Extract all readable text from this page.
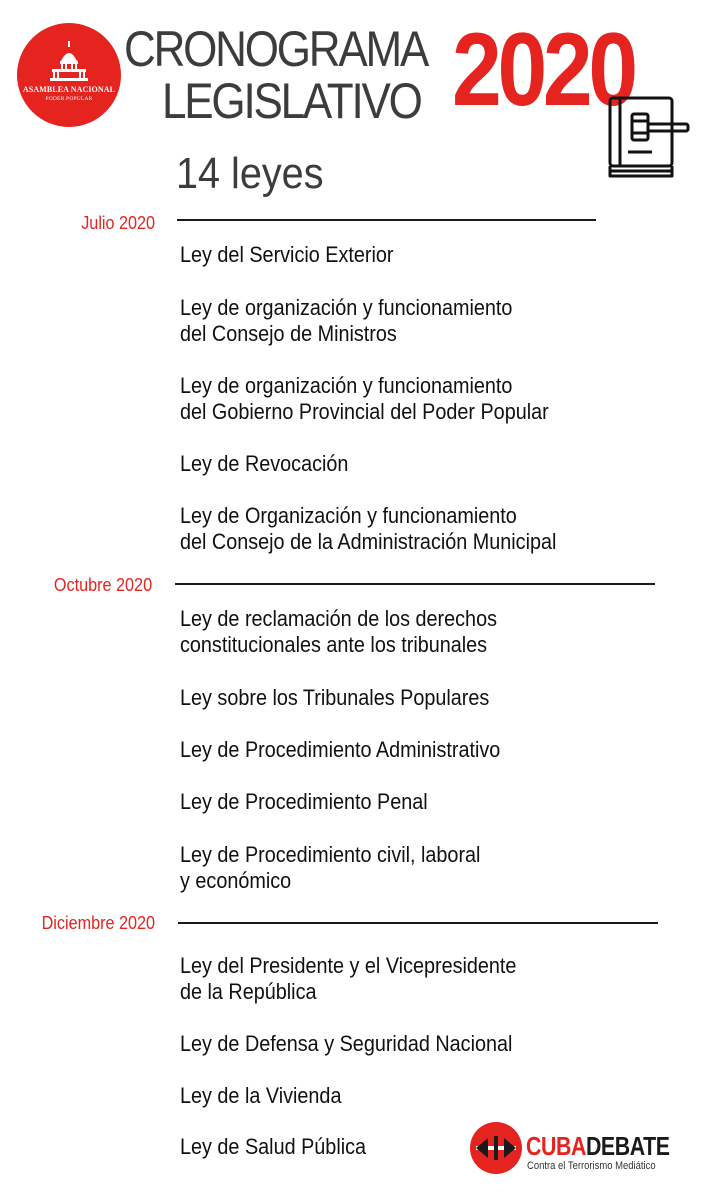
ASAMBLEA NACIONAL
PODER POPULAR
CRONOGRAMA
LEGISLATIVO 2020
14 leyes
Julio 2020
Ley del Servicio Exterior
Ley de organización y funcionamiento
del Consejo de Ministros
Ley de organización y funcionamiento
del Gobierno Provincial del Poder Popular
Ley de Revocación
Ley de Organización y funcionamiento
del Consejo de la Administración Municipal
Octubre 2020
Ley de reclamación de los derechos
constitucionales ante los tribunales
Ley sobre los Tribunales Populares
Ley de Procedimiento Administrativo
Ley de Procedimiento Penal
Ley de Procedimiento civil, laboral
y económico
Diciembre 2020
Ley del Presidente y el Vicepresidente
de la República
Ley de Defensa y Seguridad Nacional
Ley de la Vivienda
Ley de Salud Pública	CUBADEBATE
Contra el Terrorismo Mediático
